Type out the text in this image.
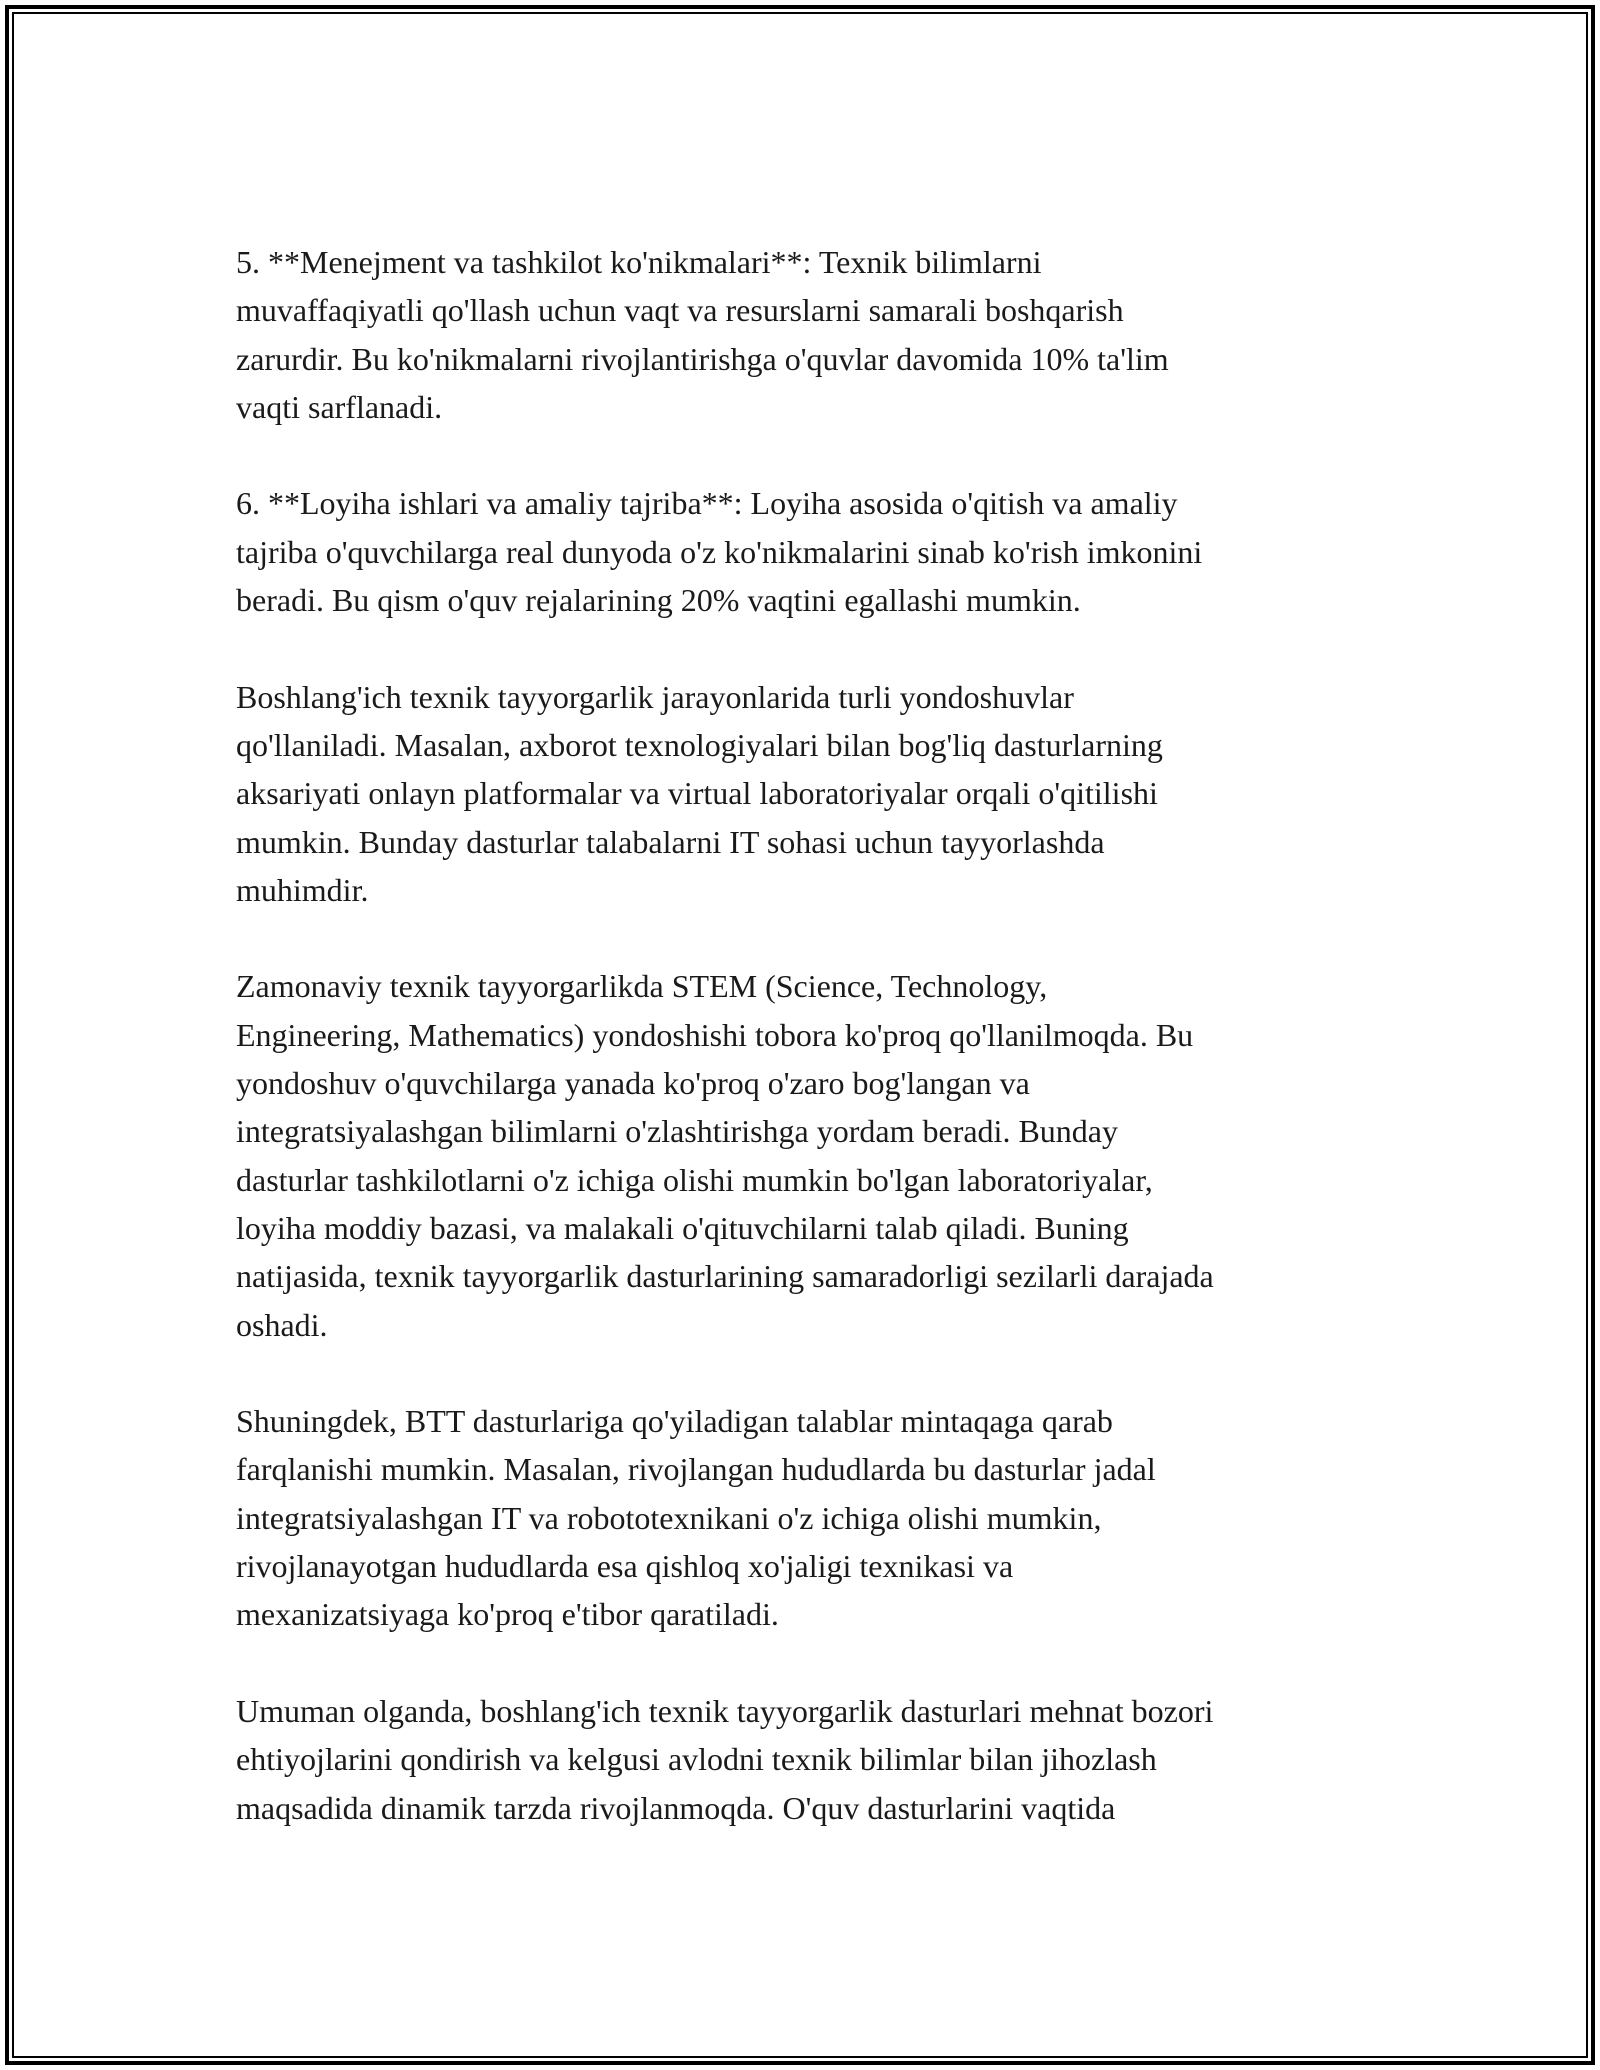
5. **Menejment va tashkilot ko'nikmalari**: Texnik bilimlarni
muvaffaqiyatli qo'llash uchun vaqt va resurslarni samarali boshqarish
zarurdir. Bu ko'nikmalarni rivojlantirishga o'quvlar davomida 10% ta'lim
vaqti sarflanadi.
6. **Loyiha ishlari va amaliy tajriba**: Loyiha asosida o'qitish va amaliy
tajriba o'quvchilarga real dunyoda o'z ko'nikmalarini sinab ko'rish imkonini
beradi. Bu qism o'quv rejalarining 20% vaqtini egallashi mumkin.
Boshlang'ich texnik tayyorgarlik jarayonlarida turli yondoshuvlar
qo'llaniladi. Masalan, axborot texnologiyalari bilan bog'liq dasturlarning
aksariyati onlayn platformalar va virtual laboratoriyalar orqali o'qitilishi
mumkin. Bunday dasturlar talabalarni IT sohasi uchun tayyorlashda
muhimdir.
Zamonaviy texnik tayyorgarlikda STEM (Science, Technology,
Engineering, Mathematics) yondoshishi tobora ko'proq qo'llanilmoqda. Bu
yondoshuv o'quvchilarga yanada ko'proq o'zaro bog'langan va
integratsiyalashgan bilimlarni o'zlashtirishga yordam beradi. Bunday
dasturlar tashkilotlarni o'z ichiga olishi mumkin bo'lgan laboratoriyalar,
loyiha moddiy bazasi, va malakali o'qituvchilarni talab qiladi. Buning
natijasida, texnik tayyorgarlik dasturlarining samaradorligi sezilarli darajada
oshadi.
Shuningdek, BTT dasturlariga qo'yiladigan talablar mintaqaga qarab
farqlanishi mumkin. Masalan, rivojlangan hududlarda bu dasturlar jadal
integratsiyalashgan IT va robototexnikani o'z ichiga olishi mumkin,
rivojlanayotgan hududlarda esa qishloq xo'jaligi texnikasi va
mexanizatsiyaga ko'proq e'tibor qaratiladi.
Umuman olganda, boshlang'ich texnik tayyorgarlik dasturlari mehnat bozori
ehtiyojlarini qondirish va kelgusi avlodni texnik bilimlar bilan jihozlash
maqsadida dinamik tarzda rivojlanmoqda. O'quv dasturlarini vaqtida
